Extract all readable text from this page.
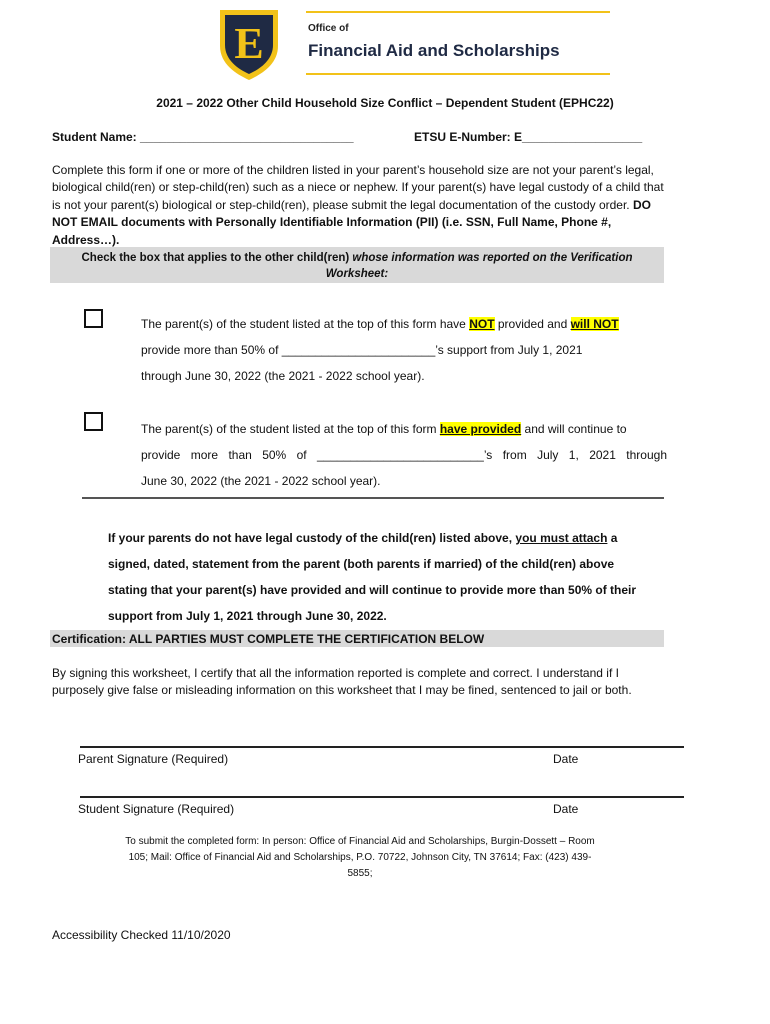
E	Office of
Financial Aid and Scholarships
2021 – 2022 Other Child Household Size Conflict – Dependent Student (EPHC22)
Student Name: ________________________________	ETSU E-Number: E__________________
Complete this form if one or more of the children listed in your parent’s household size are not your parent’s legal, biological child(ren) or step-child(ren) such as a niece or nephew. If your parent(s) have legal custody of a child that is not your parent(s) biological or step-child(ren), please submit the legal documentation of the custody order. DO NOT EMAIL documents with Personally Identifiable Information (PII) (i.e. SSN, Full Name, Phone #, Address…).
Check the box that applies to the other child(ren) whose information was reported on the Verification Worksheet:
The parent(s) of the student listed at the top of this form have NOT provided and will NOT
provide more than 50% of _______________________’s support from July 1, 2021
through June 30, 2022 (the 2021 - 2022 school year).
The parent(s) of the student listed at the top of this form have provided and will continue to
provide more than 50% of _________________________’s from July 1, 2021 through
June 30, 2022 (the 2021 - 2022 school year).
If your parents do not have legal custody of the child(ren) listed above, you must attach a
signed, dated, statement from the parent (both parents if married) of the child(ren) above
stating that your parent(s) have provided and will continue to provide more than 50% of their
support from July 1, 2021 through June 30, 2022.
Certification: ALL PARTIES MUST COMPLETE THE CERTIFICATION BELOW
By signing this worksheet, I certify that all the information reported is complete and correct. I understand if I purposely give false or misleading information on this worksheet that I may be fined, sentenced to jail or both.
Parent Signature (Required)	Date
Student Signature (Required)	Date
To submit the completed form: In person: Office of Financial Aid and Scholarships, Burgin-Dossett – Room 105; Mail: Office of Financial Aid and Scholarships, P.O. 70722, Johnson City, TN 37614; Fax: (423) 439-5855;
Accessibility Checked 11/10/2020
